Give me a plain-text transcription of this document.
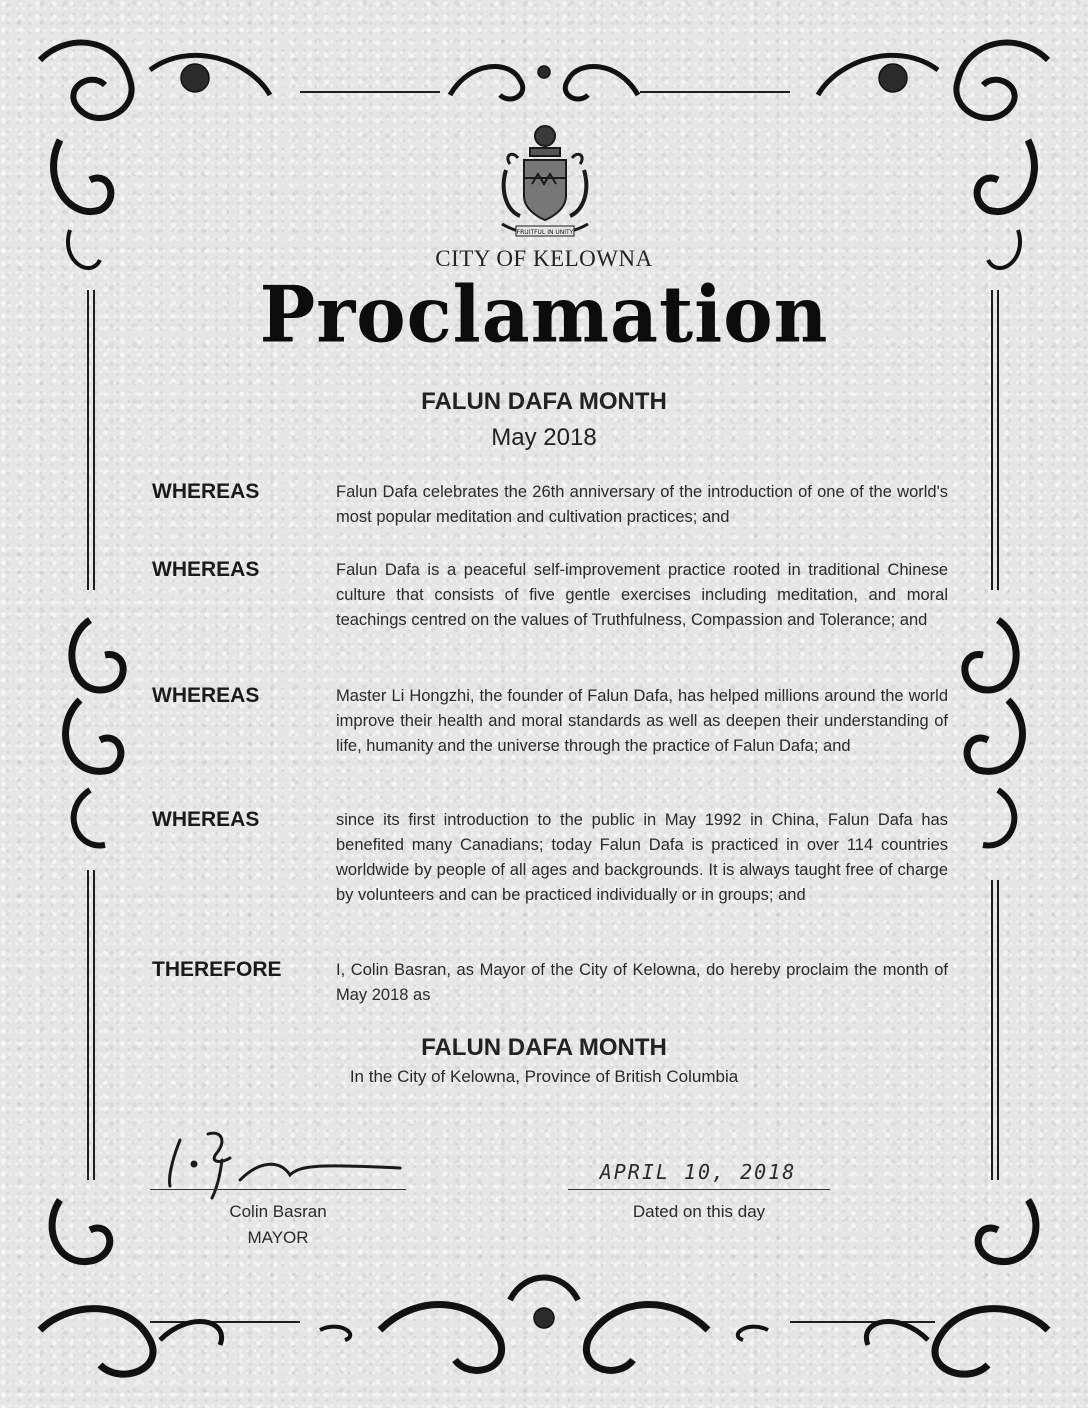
FRUITFUL IN UNITY
CITY OF KELOWNA
Proclamation
FALUN DAFA MONTH
May 2018
WHEREAS	Falun Dafa celebrates the 26th anniversary of the introduction of one of the world's most popular meditation and cultivation practices; and
WHEREAS	Falun Dafa is a peaceful self-improvement practice rooted in traditional Chinese culture that consists of five gentle exercises including meditation, and moral teachings centred on the values of Truthfulness, Compassion and Tolerance; and
WHEREAS	Master Li Hongzhi, the founder of Falun Dafa, has helped millions around the world improve their health and moral standards as well as deepen their understanding of life, humanity and the universe through the practice of Falun Dafa; and
WHEREAS	since its first introduction to the public in May 1992 in China, Falun Dafa has benefited many Canadians; today Falun Dafa is practiced in over 114 countries worldwide by people of all ages and backgrounds. It is always taught free of charge by volunteers and can be practiced individually or in groups; and
THEREFORE	I, Colin Basran, as Mayor of the City of Kelowna, do hereby proclaim the month of May 2018 as
FALUN DAFA MONTH
In the City of Kelowna, Province of British Columbia
Colin Basran
MAYOR
APRIL 10, 2018
Dated on this day
